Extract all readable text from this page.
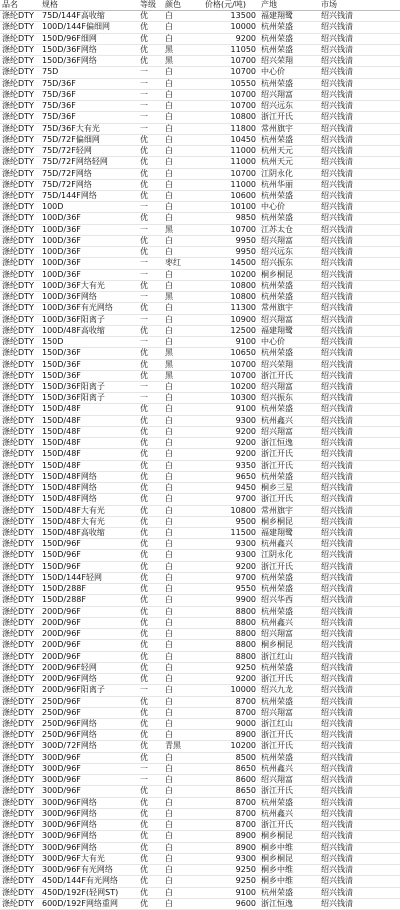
品名	规格	等级	颜色	价格(元/吨)	产地	市场
涤纶DTY	75D/144F高收缩	优	白	13500	福建翔鹭	绍兴钱清
涤纶DTY	100D/144F偏细网	优	白	10000	杭州荣盛	绍兴钱清
涤纶DTY	150D/96F细网	优	白	9200	杭州荣盛	绍兴钱清
涤纶DTY	150D/36F网络	优	黑	11050	杭州荣盛	绍兴钱清
涤纶DTY	150D/36F网络	优	黑	10700	绍兴荣翔	绍兴钱清
涤纶DTY	75D	一	白	10700	中心价	绍兴钱清
涤纶DTY	75D/36F	一	白	10550	杭州荣盛	绍兴钱清
涤纶DTY	75D/36F	一	白	10700	绍兴翔富	绍兴钱清
涤纶DTY	75D/36F	一	白	10700	绍兴远东	绍兴钱清
涤纶DTY	75D/36F	一	白	10800	浙江开氏	绍兴钱清
涤纶DTY	75D/36F大有光	一	白	11800	常州旗宇	绍兴钱清
涤纶DTY	75D/72F偏细网	优	白	10450	杭州荣盛	绍兴钱清
涤纶DTY	75D/72F轻网	优	白	11000	杭州天元	绍兴钱清
涤纶DTY	75D/72F网络轻网	优	白	11000	杭州天元	绍兴钱清
涤纶DTY	75D/72F网络	优	白	10700	江阴永化	绍兴钱清
涤纶DTY	75D/72F网络	优	白	11000	杭州华丽	绍兴钱清
涤纶DTY	75D/144F网络	优	白	10600	杭州荣盛	绍兴钱清
涤纶DTY	100D	一	白	10100	中心价	绍兴钱清
涤纶DTY	100D/36F	优	白	9850	杭州荣盛	绍兴钱清
涤纶DTY	100D/36F	一	黑	10700	江苏太仓	绍兴钱清
涤纶DTY	100D/36F	优	白	9950	绍兴翔富	绍兴钱清
涤纶DTY	100D/36F	优	白	9950	绍兴远东	绍兴钱清
涤纶DTY	100D/36F	一	枣红	14500	绍兴振东	绍兴钱清
涤纶DTY	100D/36F	一	白	10200	桐乡桐昆	绍兴钱清
涤纶DTY	100D/36F大有光	优	白	10800	杭州荣盛	绍兴钱清
涤纶DTY	100D/36F网络	一	黑	10800	杭州荣盛	绍兴钱清
涤纶DTY	100D/36F有光网络	优	白	11300	常州旗宇	绍兴钱清
涤纶DTY	100D/36F阳离子	一	白	10900	绍兴翔富	绍兴钱清
涤纶DTY	100D/48F高收缩	优	白	12500	福建翔鹭	绍兴钱清
涤纶DTY	150D	一	白	9100	中心价	绍兴钱清
涤纶DTY	150D/36F	优	黑	10650	杭州荣盛	绍兴钱清
涤纶DTY	150D/36F	优	黑	10700	绍兴荣翔	绍兴钱清
涤纶DTY	150D/36F	优	黑	10700	浙江开氏	绍兴钱清
涤纶DTY	150D/36F阳离子	一	白	10200	绍兴翔富	绍兴钱清
涤纶DTY	150D/36F阳离子	一	白	10300	绍兴振东	绍兴钱清
涤纶DTY	150D/48F	优	白	9100	杭州荣盛	绍兴钱清
涤纶DTY	150D/48F	优	白	9300	杭州鑫兴	绍兴钱清
涤纶DTY	150D/48F	优	白	9200	绍兴翔富	绍兴钱清
涤纶DTY	150D/48F	优	白	9200	浙江恒逸	绍兴钱清
涤纶DTY	150D/48F	优	白	9200	浙江开氏	绍兴钱清
涤纶DTY	150D/48F	优	白	9350	浙江开氏	绍兴钱清
涤纶DTY	150D/48F网络	优	白	9650	杭州荣盛	绍兴钱清
涤纶DTY	150D/48F网络	优	白	9450	桐乡三星	绍兴钱清
涤纶DTY	150D/48F网络	优	白	9700	浙江开氏	绍兴钱清
涤纶DTY	150D/48F大有光	优	白	10800	常州旗宇	绍兴钱清
涤纶DTY	150D/48F大有光	优	白	9500	桐乡桐昆	绍兴钱清
涤纶DTY	150D/48F高收缩	优	白	11500	福建翔鹭	绍兴钱清
涤纶DTY	150D/96F	优	白	9300	杭州鑫兴	绍兴钱清
涤纶DTY	150D/96F	优	白	9300	江阴永化	绍兴钱清
涤纶DTY	150D/96F	优	白	9200	浙江开氏	绍兴钱清
涤纶DTY	150D/144F轻网	优	白	9700	杭州荣盛	绍兴钱清
涤纶DTY	150D/288F	优	白	9550	杭州荣盛	绍兴钱清
涤纶DTY	150D/288F	优	白	9900	绍兴华西	绍兴钱清
涤纶DTY	200D/96F	优	白	8800	杭州荣盛	绍兴钱清
涤纶DTY	200D/96F	优	白	8800	杭州鑫兴	绍兴钱清
涤纶DTY	200D/96F	优	白	8800	绍兴翔富	绍兴钱清
涤纶DTY	200D/96F	优	白	8800	桐乡桐昆	绍兴钱清
涤纶DTY	200D/96F	优	白	8800	浙江红山	绍兴钱清
涤纶DTY	200D/96F轻网	优	白	9250	杭州荣盛	绍兴钱清
涤纶DTY	200D/96F网络	优	白	9200	浙江开氏	绍兴钱清
涤纶DTY	200D/96F阳离子	一	白	10000	绍兴九龙	绍兴钱清
涤纶DTY	250D/96F	优	白	8700	杭州荣盛	绍兴钱清
涤纶DTY	250D/96F	优	白	8700	绍兴翔富	绍兴钱清
涤纶DTY	250D/96F网络	优	白	9000	浙江红山	绍兴钱清
涤纶DTY	250D/96F网络	优	白	8900	浙江开氏	绍兴钱清
涤纶DTY	300D/72F网络	优	青黑	10200	浙江开氏	绍兴钱清
涤纶DTY	300D/96F	优	白	8500	杭州荣盛	绍兴钱清
涤纶DTY	300D/96F	一	白	8650	杭州鑫兴	绍兴钱清
涤纶DTY	300D/96F	一	白	8600	绍兴翔富	绍兴钱清
涤纶DTY	300D/96F	优	白	8650	浙江开氏	绍兴钱清
涤纶DTY	300D/96F网络	优	白	8700	杭州荣盛	绍兴钱清
涤纶DTY	300D/96F网络	优	白	8700	杭州鑫兴	绍兴钱清
涤纶DTY	300D/96F网络	优	白	8700	浙江开氏	绍兴钱清
涤纶DTY	300D/96F网络	优	白	8900	桐乡桐昆	绍兴钱清
涤纶DTY	300D/96F网络	优	白	8900	桐乡中维	绍兴钱清
涤纶DTY	300D/96F大有光	优	白	9300	桐乡桐昆	绍兴钱清
涤纶DTY	300D/96F有光网络	优	白	9250	桐乡中维	绍兴钱清
涤纶DTY	450D/144F有光网络	优	白	9250	桐乡中维	绍兴钱清
涤纶DTY	450D/192F(轻网ST)	优	白	9100	杭州荣盛	绍兴钱清
涤纶DTY	600D/192F网络重网	优	白	9600	浙江恒逸	绍兴钱清
